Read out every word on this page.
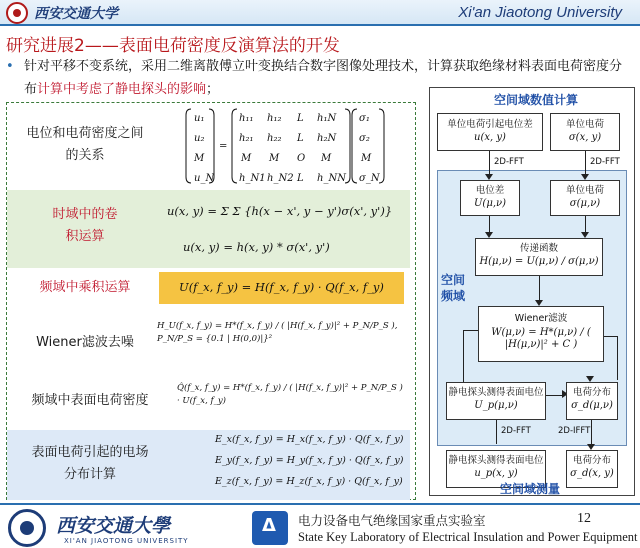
西安交通大学	Xi'an Jiaotong University
研究进展2——表面电荷密度反演算法的开发
• 针对平移不变系统，采用二维离散傅立叶变换结合数字图像处理技术，计算获取绝缘材料表面电荷密度分布计算中考虑了静电探头的影响；
电位和电荷密度之间
的关系
u₁
u₂
M
u_N
=
h₁₁ h₁₂ L h₁N
h₂₁ h₂₂ L h₂N
M M O M
h_N1 h_N2 L h_NN
σ₁
σ₂
M
σ_N
时域中的卷
积运算
u(x, y) = Σ Σ {h(x − x', y − y')σ(x', y')}
u(x, y) = h(x, y) * σ(x', y')
频域中乘积运算	U(f_x, f_y) = H(f_x, f_y) · Q(f_x, f_y)
Wiener滤波去噪
H_U(f_x, f_y) = H*(f_x, f_y) / ( |H(f_x, f_y)|² + P_N/P_S ), P_N/P_S = {0.1 | H(0,0)|}²
频域中表面电荷密度
Q̂(f_x, f_y) = H*(f_x, f_y) / ( |H(f_x, f_y)|² + P_N/P_S ) · U(f_x, f_y)
表面电荷引起的电场
分布计算
E_x(f_x, f_y) = H_x(f_x, f_y) · Q(f_x, f_y)
E_y(f_x, f_y) = H_y(f_x, f_y) · Q(f_x, f_y)
E_z(f_x, f_y) = H_z(f_x, f_y) · Q(f_x, f_y)
空间域数值计算
单位电荷引起电位差
u(x, y)
单位电荷
σ(x, y)
2D-FFT	2D-FFT
电位差
U(μ,ν)
单位电荷
σ(μ,ν)
传递函数
H(μ,ν) = U(μ,ν) / σ(μ,ν)
空间
频域
Wiener滤波
W(μ,ν) = H*(μ,ν) / ( |H(μ,ν)|² + C )
静电探头测得表面电位
U_p(μ,ν)
电荷分布
σ_d(μ,ν)
2D-FFT	2D-IFFT
静电探头测得表面电位
u_p(x, y)
电荷分布
σ_d(x, y)
空间域测量
西安交通大學
XI'AN JIAOTONG UNIVERSITY
Δ
电力设备电气绝缘国家重点实验室
State Key Laboratory of Electrical Insulation and Power Equipment
12
